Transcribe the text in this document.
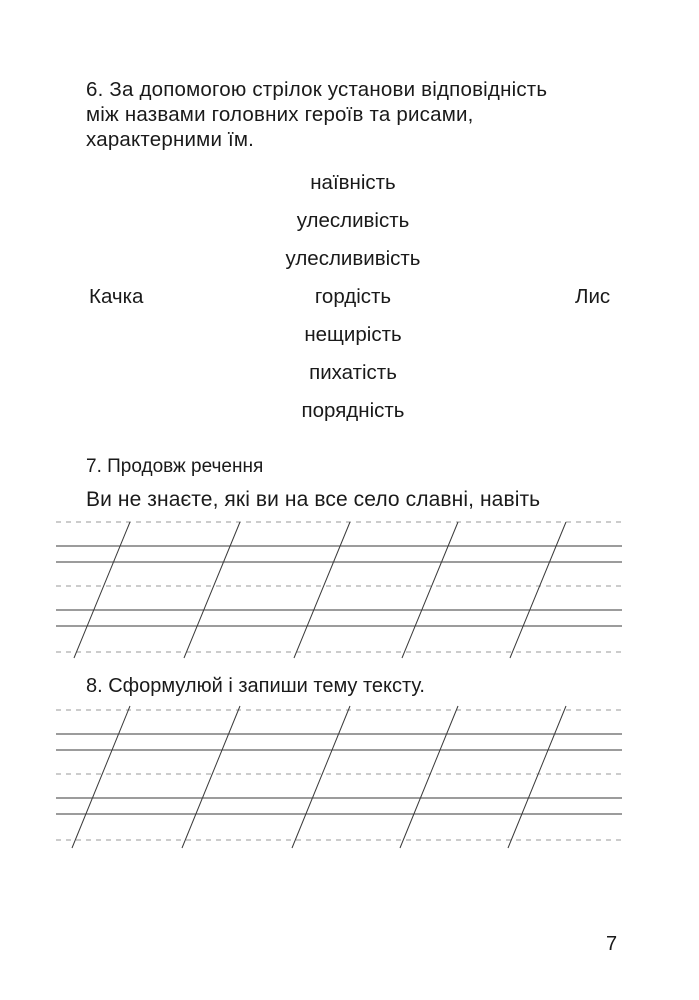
6. За допомогою стрілок установи відповідність
між назвами головних героїв та рисами,
характерними їм.

наївність
улесливість
улеслививість
гордість
нещирість
пихатість
порядність
Качка	Лис

7. Продовж речення

Ви не знаєте, які ви на все село славні, навіть

8. Сформулюй і запиши тему тексту.

7
